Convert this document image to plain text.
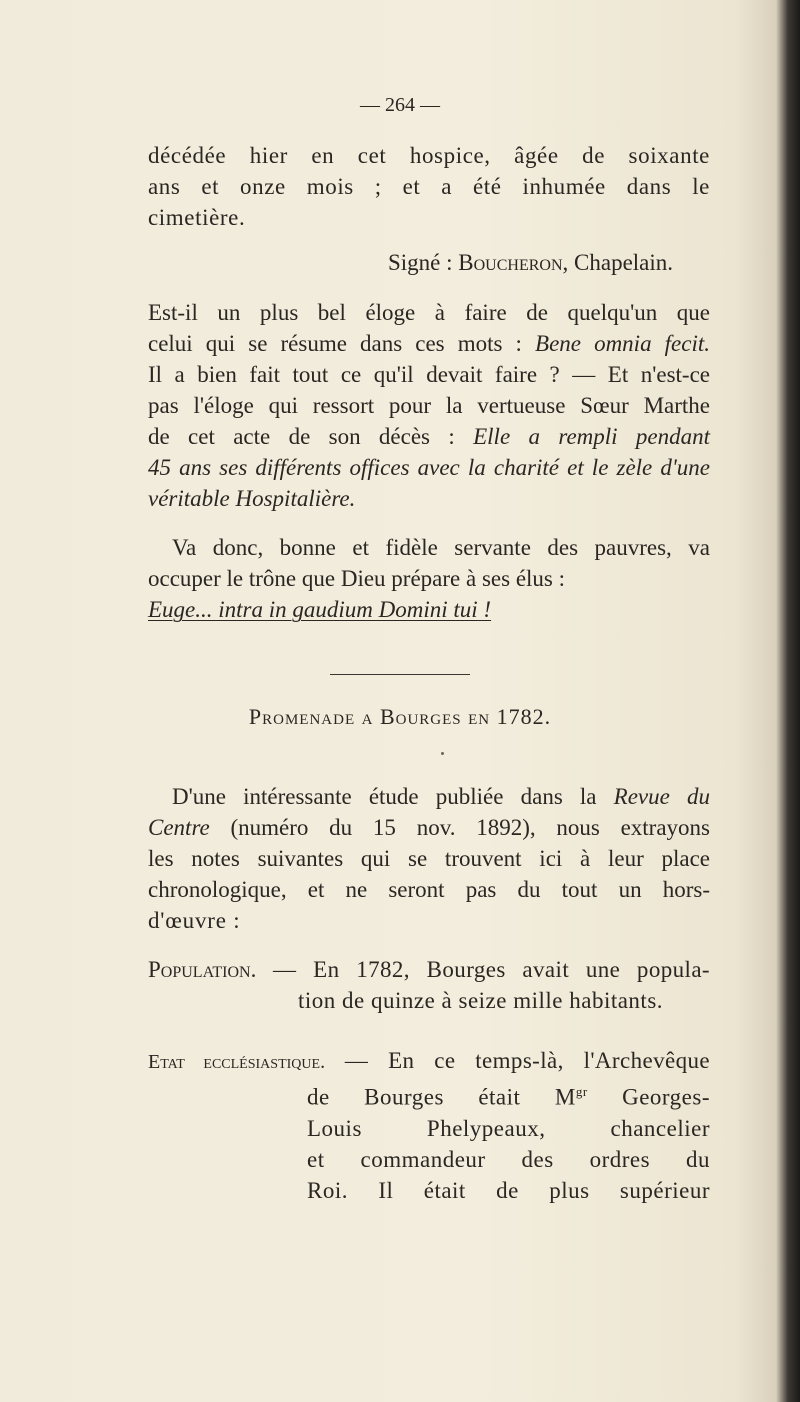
— 264 —
décédée hier en cet hospice, âgée de soixante
ans et onze mois ; et a été inhumée dans le
cimetière.
Signé : Boucheron, Chapelain.
Est-il un plus bel éloge à faire de quelqu'un que
celui qui se résume dans ces mots : Bene omnia fecit.
Il a bien fait tout ce qu'il devait faire ? — Et n'est-ce
pas l'éloge qui ressort pour la vertueuse Sœur Marthe
de cet acte de son décès : Elle a rempli pendant
45 ans ses différents offices avec la charité et le zèle d'une
véritable Hospitalière.
Va donc, bonne et fidèle servante des pauvres, va
occuper le trône que Dieu prépare à ses élus :
Euge... intra in gaudium Domini tui !
Promenade a Bourges en 1782.
D'une intéressante étude publiée dans la Revue du
Centre (numéro du 15 nov. 1892), nous extrayons
les notes suivantes qui se trouvent ici à leur place
chronologique, et ne seront pas du tout un hors-
d'œuvre :
Population. — En 1782, Bourges avait une popula-
tion de quinze à seize mille habitants.
Etat ecclésiastique. — En ce temps-là, l'Archevêque
de Bourges était $M^{gr}$ Georges-
Louis Phelypeaux, chancelier
et commandeur des ordres du
Roi. Il était de plus supérieur
